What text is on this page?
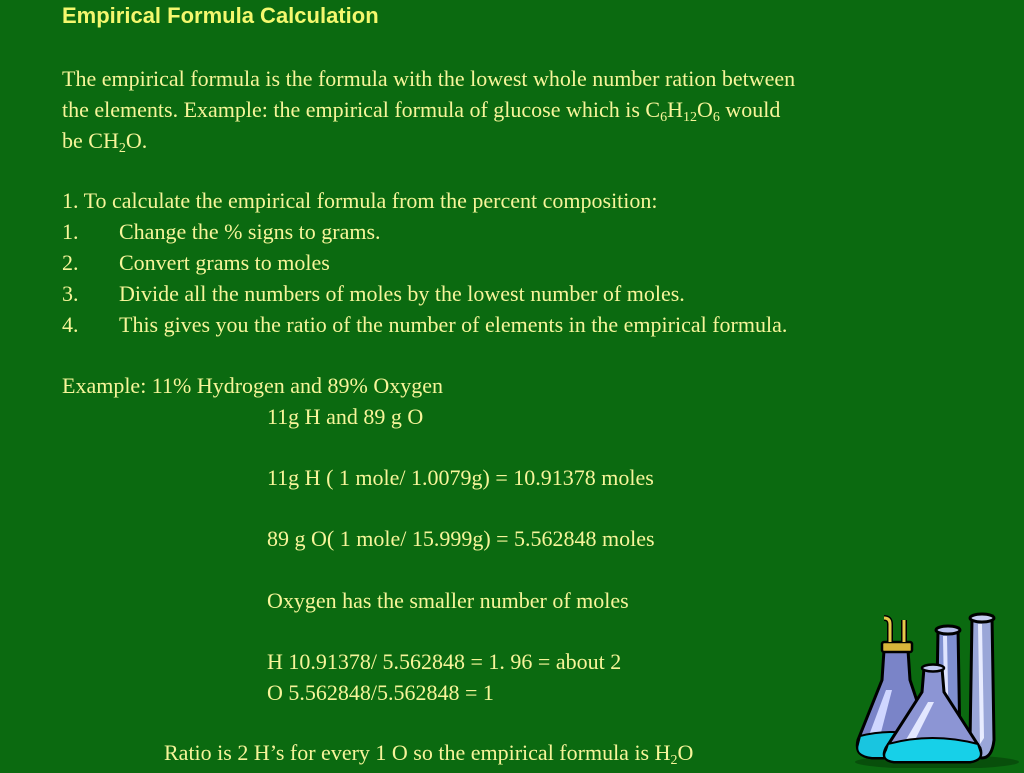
Empirical Formula Calculation
The empirical formula is the formula with the lowest whole number ration between
the elements. Example: the empirical formula of glucose which is $C_6H_{12}O_6$ would
be $CH_2O$.
1. To calculate the empirical formula from the percent composition:
1. Change the % signs to grams.
2. Convert grams to moles
3. Divide all the numbers of moles by the lowest number of moles.
4. This gives you the ratio of the number of elements in the empirical formula.
Example: 11% Hydrogen and 89% Oxygen
11g H and 89 g O
11g H ( 1 mole/ 1.0079g) = 10.91378 moles
89 g O( 1 mole/ 15.999g) = 5.562848 moles
Oxygen has the smaller number of moles
H 10.91378/ 5.562848 = 1. 96 = about 2
O 5.562848/5.562848 = 1
Ratio is 2 H’s for every 1 O so the empirical formula is $H_2O$
